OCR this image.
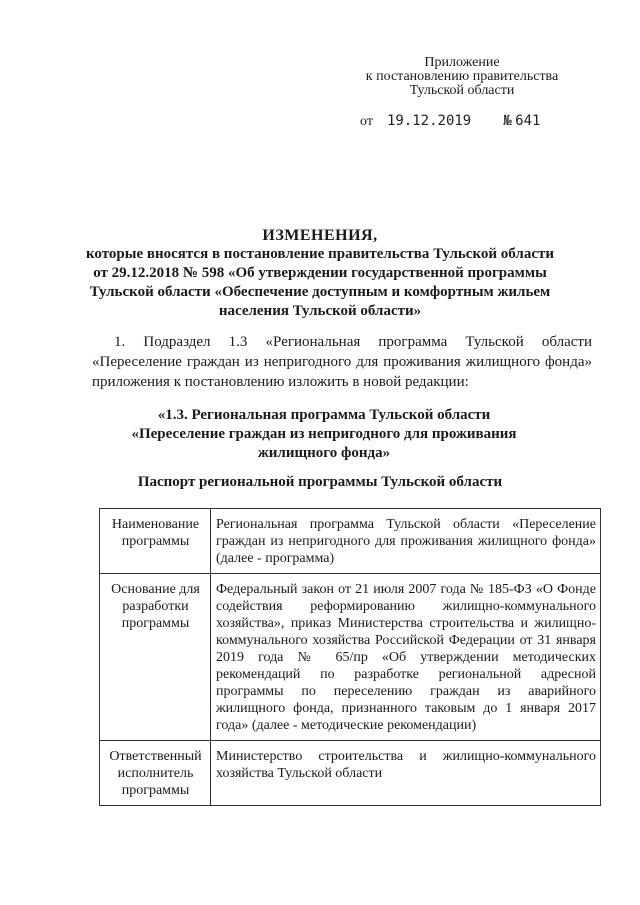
Приложение
к постановлению правительства
Тульской области
от 19.12.2019 № 641
ИЗМЕНЕНИЯ,
которые вносятся в постановление правительства Тульской области
от 29.12.2018 № 598 «Об утверждении государственной программы
Тульской области «Обеспечение доступным и комфортным жильем
населения Тульской области»
1. Подраздел 1.3 «Региональная программа Тульской области
«Переселение граждан из непригодного для проживания жилищного фонда» приложения к постановлению изложить в новой редакции:
«1.3. Региональная программа Тульской области
«Переселение граждан из непригодного для проживания
жилищного фонда»
Паспорт региональной программы Тульской области
Наименование программы	Региональная программа Тульской области «Переселение граждан из непригодного для проживания жилищного фонда» (далее - программа)
Основание для разработки программы	Федеральный закон от 21 июля 2007 года № 185-ФЗ «О Фонде содействия реформированию жилищно-коммунального хозяйства», приказ Министерства строительства и жилищно-коммунального хозяйства Российской Федерации от 31 января 2019 года № 65/пр «Об утверждении методических рекомендаций по разработке региональной адресной программы по переселению граждан из аварийного жилищного фонда, признанного таковым до 1 января 2017 года» (далее - методические рекомендации)
Ответственный исполнитель программы	Министерство строительства и жилищно-коммунального хозяйства Тульской области
